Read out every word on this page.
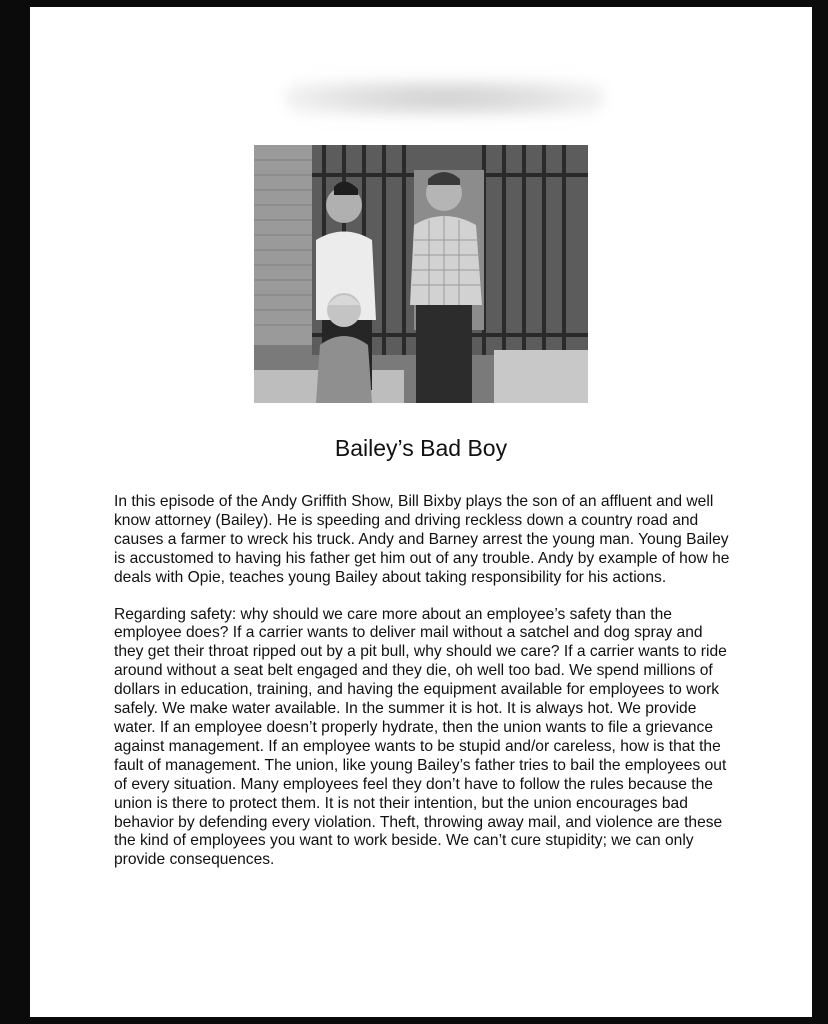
Bailey’s Bad Boy

In this episode of the Andy Griffith Show, Bill Bixby plays the son of an affluent and well know attorney (Bailey). He is speeding and driving reckless down a country road and causes a farmer to wreck his truck. Andy and Barney arrest the young man. Young Bailey is accustomed to having his father get him out of any trouble. Andy by example of how he deals with Opie, teaches young Bailey about taking responsibility for his actions.

Regarding safety: why should we care more about an employee’s safety than the employee does? If a carrier wants to deliver mail without a satchel and dog spray and they get their throat ripped out by a pit bull, why should we care? If a carrier wants to ride around without a seat belt engaged and they die, oh well too bad. We spend millions of dollars in education, training, and having the equipment available for employees to work safely. We make water available. In the summer it is hot. It is always hot. We provide water. If an employee doesn’t properly hydrate, then the union wants to file a grievance against management. If an employee wants to be stupid and/or careless, how is that the fault of management. The union, like young Bailey’s father tries to bail the employees out of every situation. Many employees feel they don’t have to follow the rules because the union is there to protect them. It is not their intention, but the union encourages bad behavior by defending every violation. Theft, throwing away mail, and violence are these the kind of employees you want to work beside. We can’t cure stupidity; we can only provide consequences.
